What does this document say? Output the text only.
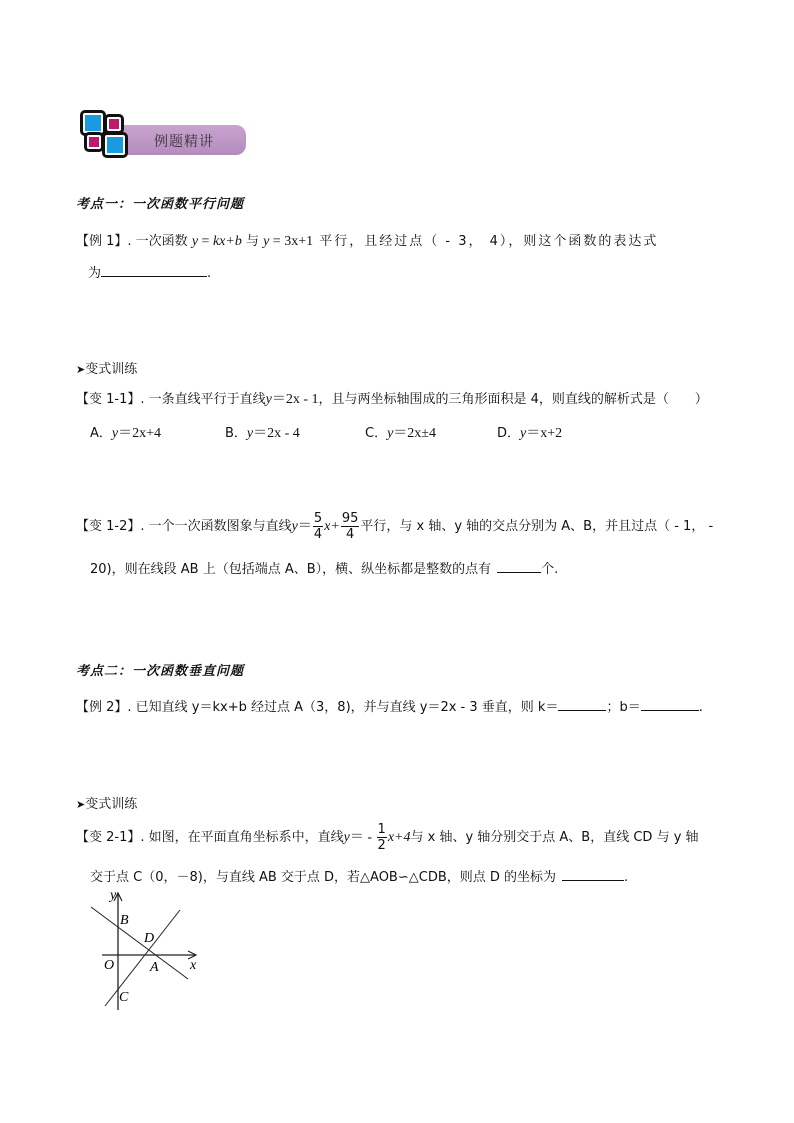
例题精讲
考点一：一次函数平行问题
【例 1】. 一次函数 y = kx+b 与 y = 3x+1 平行，且经过点（ - 3， 4），则这个函数的表达式
为	.
➤变式训练
【变 1-1】. 一条直线平行于直线y＝2x - 1，且与两坐标轴围成的三角形面积是 4，则直线的解析式是（　　）
A．y＝2x+4	B．y＝2x - 4	C．y＝2x±4	D．y＝x+2
【变 1-2】. 一个一次函数图象与直线$y= \frac{5}{4} x+ \frac{95}{4}$ 平行，与 x 轴、y 轴的交点分别为 A、B，并且过点（ - 1， -
20)，则在线段 AB 上（包括端点 A、B），横、纵坐标都是整数的点有	个.
考点二：一次函数垂直问题
【例 2】. 已知直线 y＝kx+b 经过点 A（3，8)，并与直线 y＝2x - 3 垂直，则 k＝	；b＝	.
➤变式训练
【变 2-1】. 如图，在平面直角坐标系中，直线$y= - \frac{1}{2} x+4$与 x 轴、y 轴分别交于点 A、B，直线 CD 与 y 轴
交于点 C（0，－8)，与直线 AB 交于点 D，若△AOB∽△CDB，则点 D 的坐标为	.
y
x
O
B
D
A
C
